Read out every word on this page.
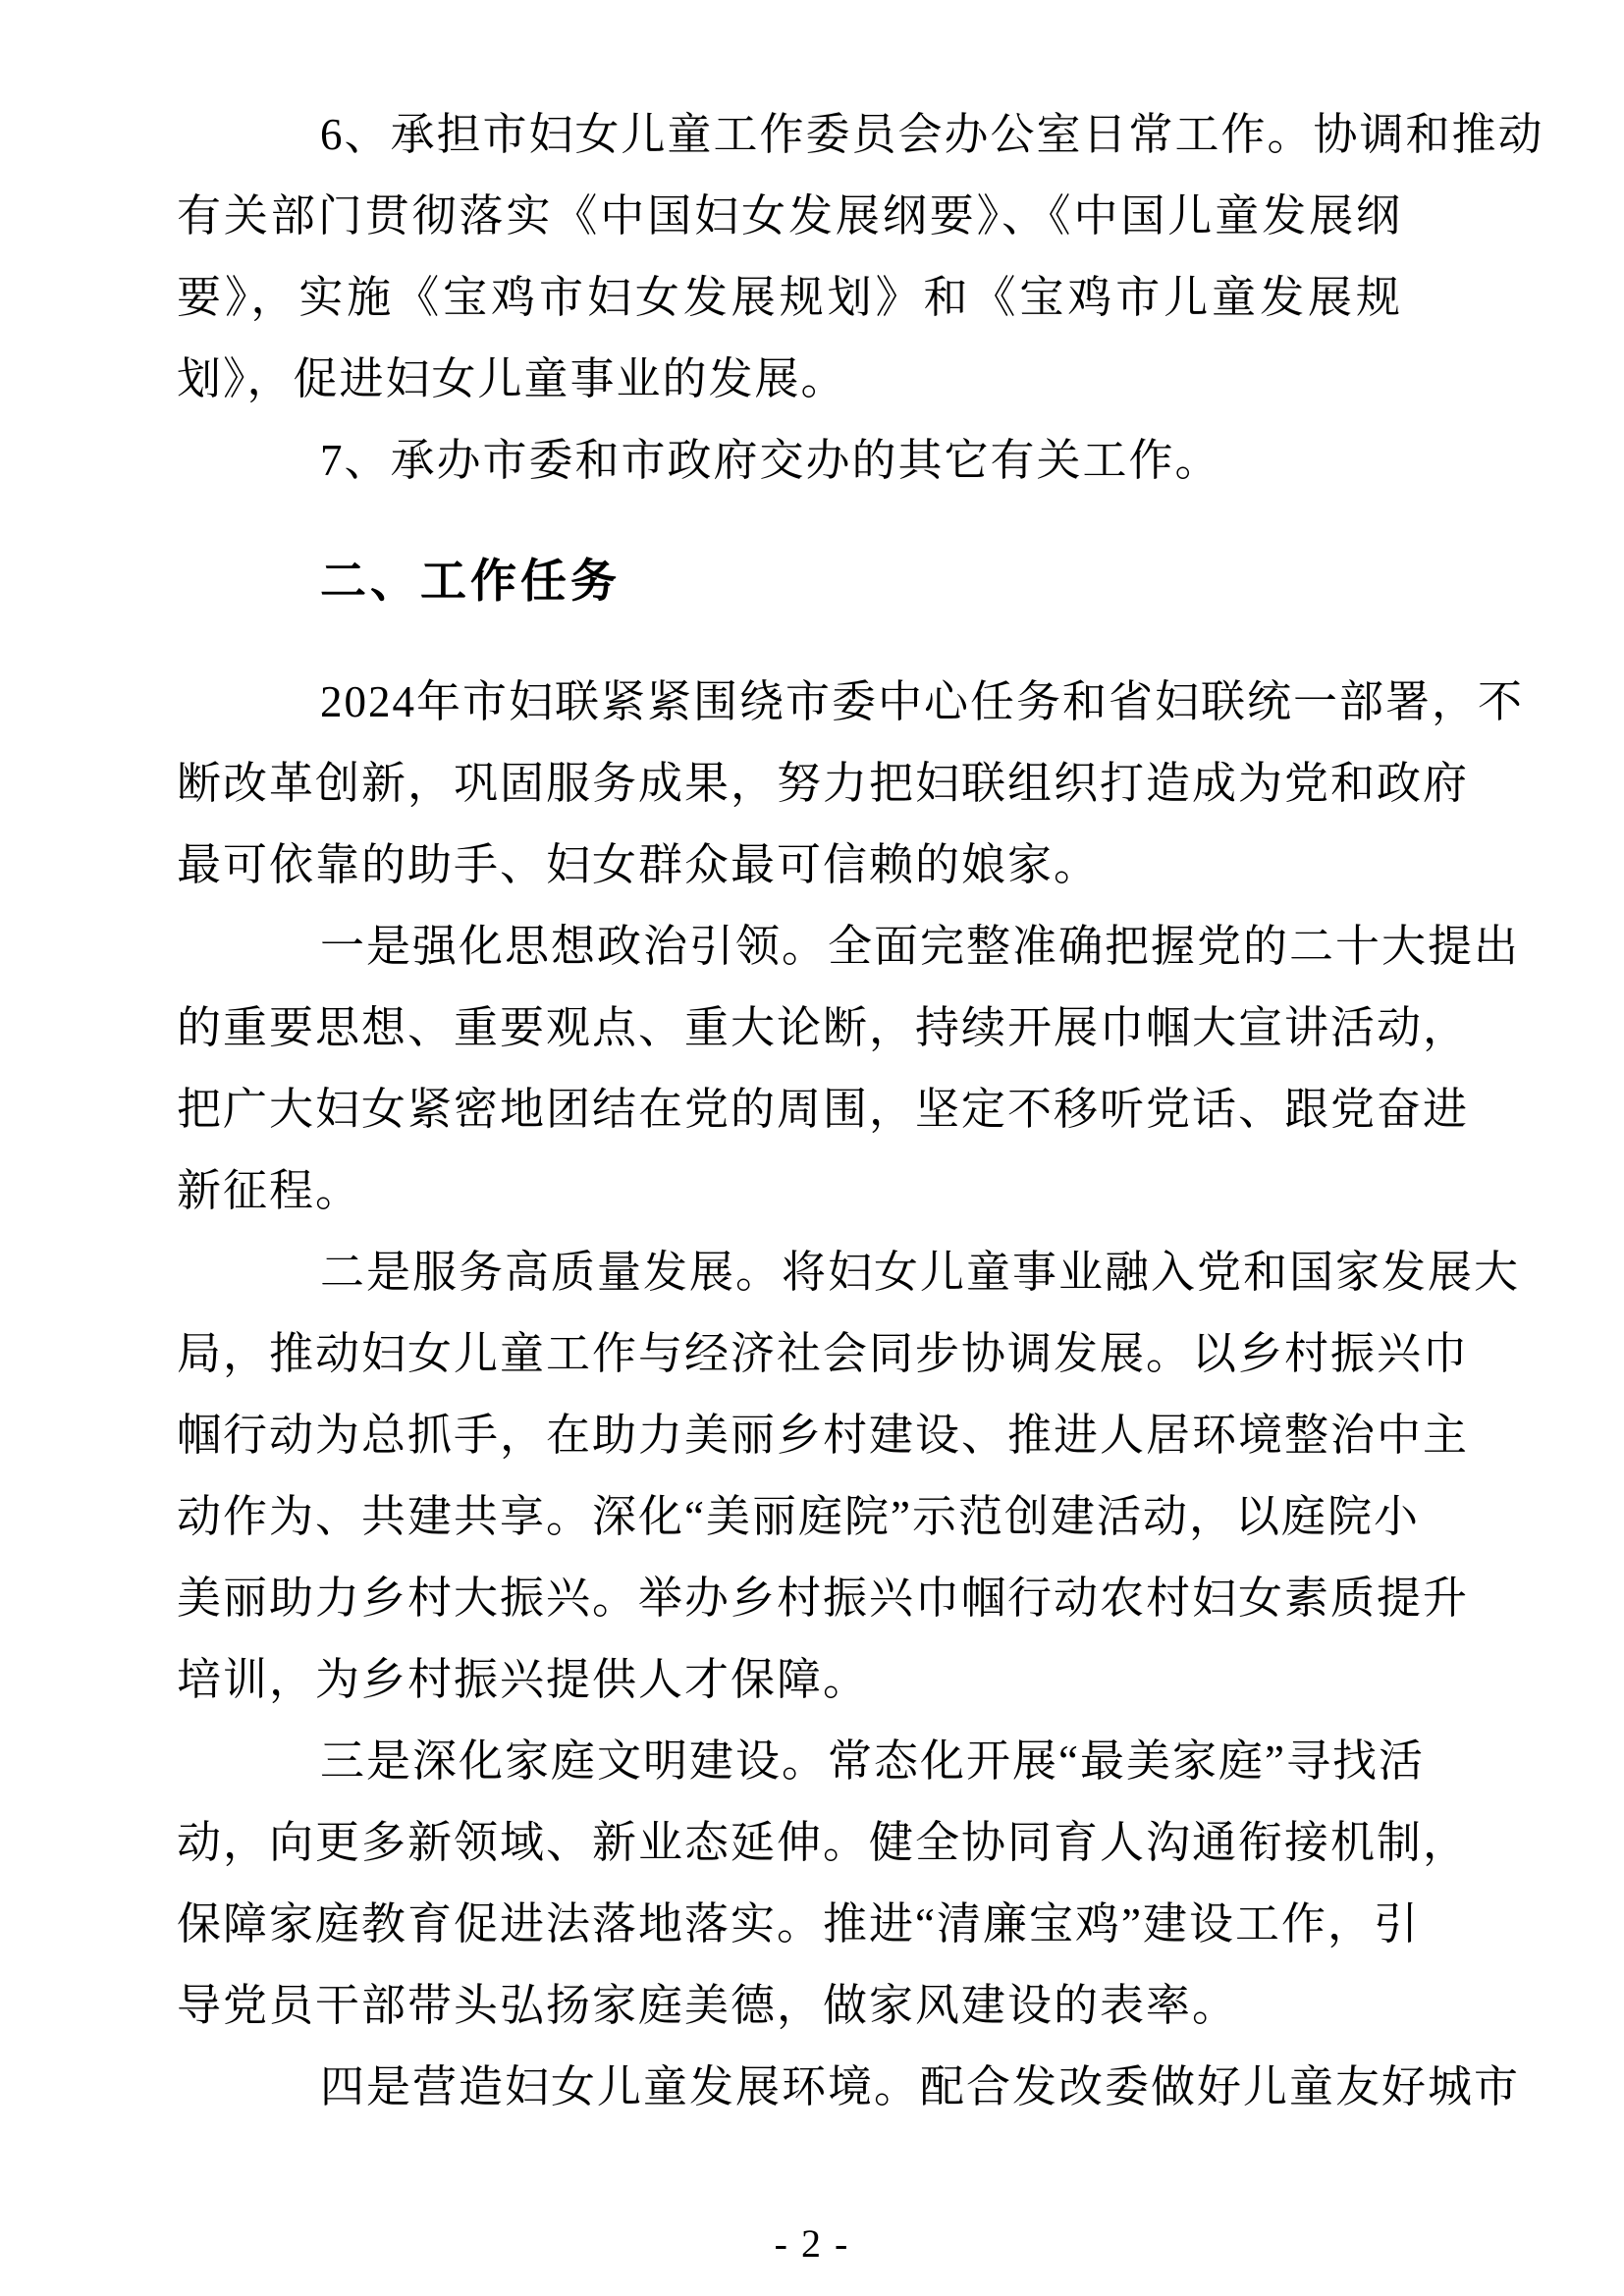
6、承担市妇女儿童工作委员会办公室日常工作。协调和推动
有关部门贯彻落实《中国妇女发展纲要》、《中国儿童发展纲
要》，实施《宝鸡市妇女发展规划》和《宝鸡市儿童发展规
划》，促进妇女儿童事业的发展。
7、承办市委和市政府交办的其它有关工作。
二、工作任务
2024年市妇联紧紧围绕市委中心任务和省妇联统一部署，不
断改革创新，巩固服务成果，努力把妇联组织打造成为党和政府
最可依靠的助手、妇女群众最可信赖的娘家。
一是强化思想政治引领。全面完整准确把握党的二十大提出
的重要思想、重要观点、重大论断，持续开展巾帼大宣讲活动，
把广大妇女紧密地团结在党的周围，坚定不移听党话、跟党奋进
新征程。
二是服务高质量发展。将妇女儿童事业融入党和国家发展大
局，推动妇女儿童工作与经济社会同步协调发展。以乡村振兴巾
帼行动为总抓手，在助力美丽乡村建设、推进人居环境整治中主
动作为、共建共享。深化“美丽庭院”示范创建活动，以庭院小
美丽助力乡村大振兴。举办乡村振兴巾帼行动农村妇女素质提升
培训，为乡村振兴提供人才保障。
三是深化家庭文明建设。常态化开展“最美家庭”寻找活
动，向更多新领域、新业态延伸。健全协同育人沟通衔接机制，
保障家庭教育促进法落地落实。推进“清廉宝鸡”建设工作，引
导党员干部带头弘扬家庭美德，做家风建设的表率。
四是营造妇女儿童发展环境。配合发改委做好儿童友好城市
- 2 -
